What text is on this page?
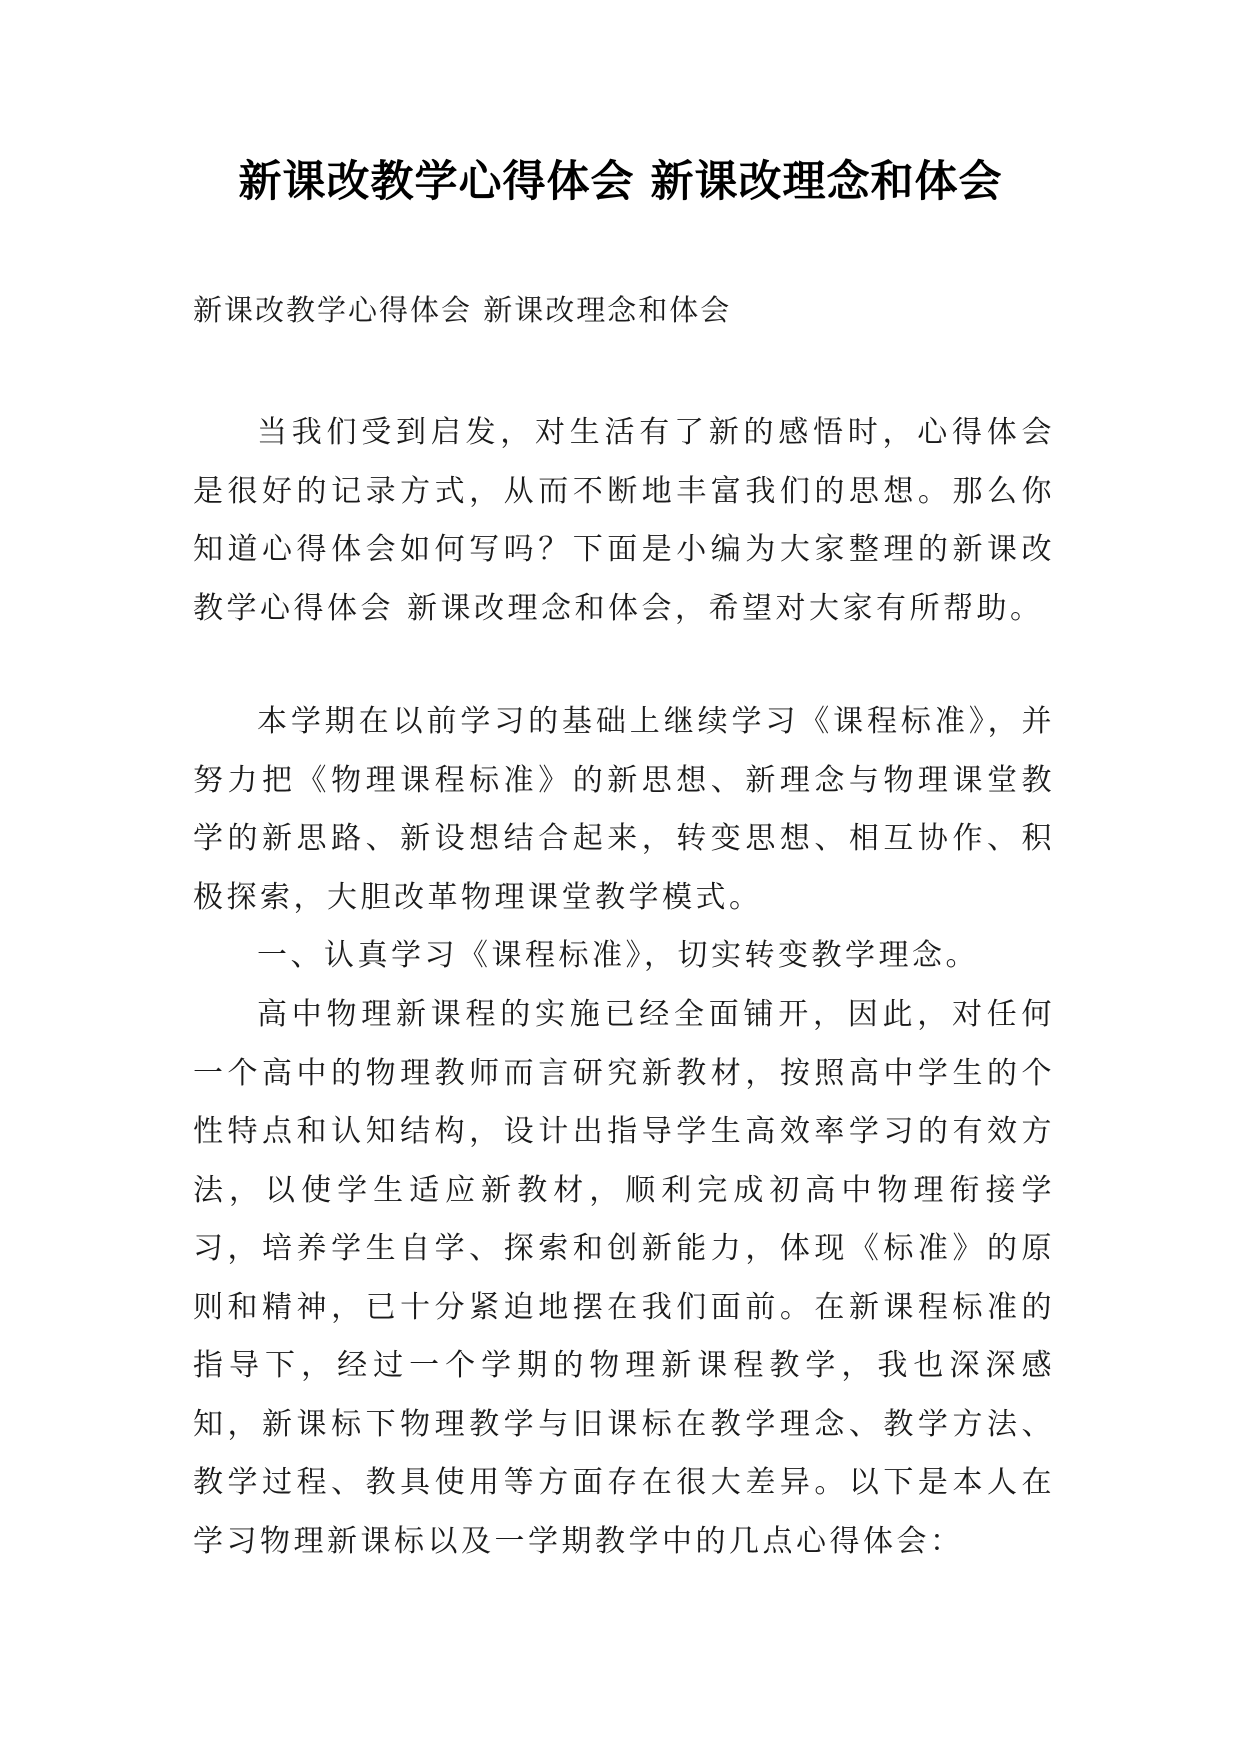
新课改教学心得体会 新课改理念和体会
新课改教学心得体会 新课改理念和体会
当我们受到启发，对生活有了新的感悟时，心得体会是很好的记录方式，从而不断地丰富我们的思想。那么你知道心得体会如何写吗？下面是小编为大家整理的新课改教学心得体会 新课改理念和体会，希望对大家有所帮助。
本学期在以前学习的基础上继续学习《课程标准》，并努力把《物理课程标准》的新思想、新理念与物理课堂教学的新思路、新设想结合起来，转变思想、相互协作、积极探索，大胆改革物理课堂教学模式。
一、认真学习《课程标准》，切实转变教学理念。
高中物理新课程的实施已经全面铺开，因此，对任何一个高中的物理教师而言研究新教材，按照高中学生的个性特点和认知结构，设计出指导学生高效率学习的有效方法，以使学生适应新教材，顺利完成初高中物理衔接学习，培养学生自学、探索和创新能力，体现《标准》的原则和精神，已十分紧迫地摆在我们面前。在新课程标准的指导下，经过一个学期的物理新课程教学，我也深深感知，新课标下物理教学与旧课标在教学理念、教学方法、教学过程、教具使用等方面存在很大差异。以下是本人在学习物理新课标以及一学期教学中的几点心得体会：
